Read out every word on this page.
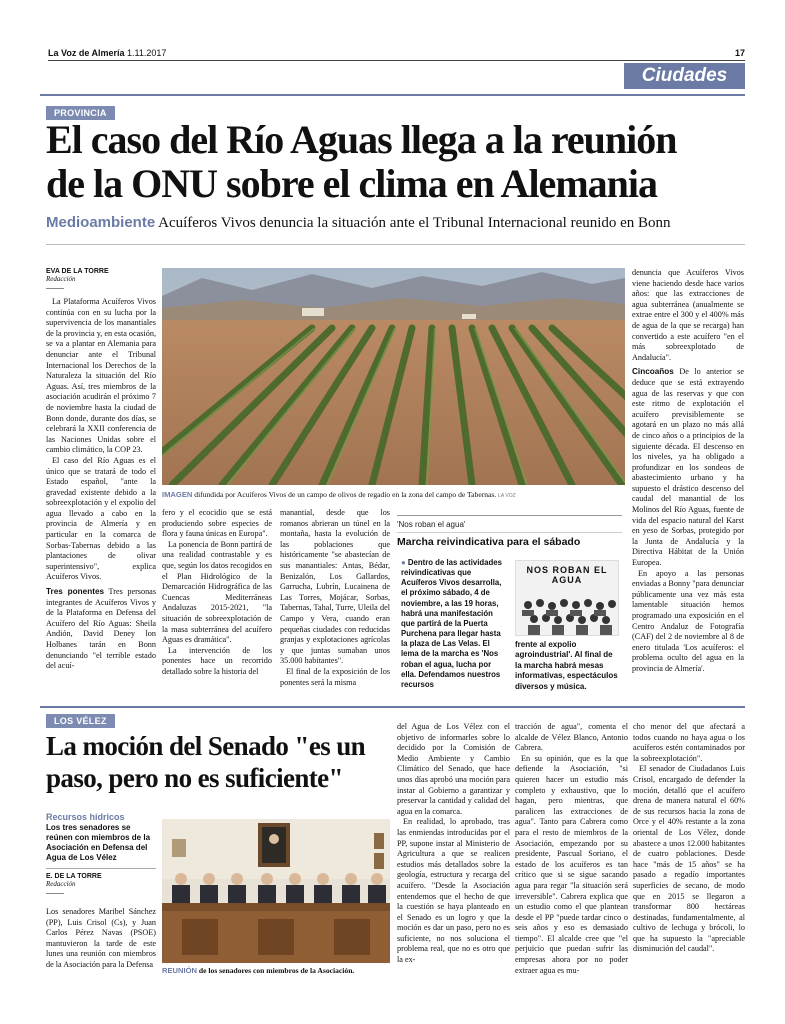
La Voz de Almería 1.11.2017	17
Ciudades
PROVINCIA
El caso del Río Aguas llega a la reunión
de la ONU sobre el clima en Alemania
Medioambiente Acuíferos Vivos denuncia la situación ante el Tribunal Internacional reunido en Bonn
EVA DE LA TORRE
Redacción

La Plataforma Acuíferos Vivos continúa con en su lucha por la supervivencia de los manantiales de la provincia y, en esta ocasión, se va a plantar en Alemania para denunciar ante el Tribunal Internacional los Derechos de la Naturaleza la situación del Río Aguas. Así, tres miembros de la asociación acudirán el próximo 7 de noviembre hasta la ciudad de Bonn donde, durante dos días, se celebrará la XXII conferencia de las Naciones Unidas sobre el cambio climático, la COP 23.

El caso del Río Aguas es el único que se tratará de todo el Estado español, "ante la gravedad existente debido a la sobreexplotación y el expolio del agua llevado a cabo en la provincia de Almería y en particular en la comarca de Sorbas-Tabernas debido a las plantaciones de olivar superintensivo", explica Acuíferos Vivos.

Tres ponentes Tres personas integrantes de Acuíferos Vivos y de la Plataforma en Defensa del Acuífero del Río Aguas: Sheila Andión, David Deney lon Holbanes tarán en Bonn denunciando "el terrible estado del acuí-

IMAGEN difundida por Acuíferos Vivos de un campo de olivos de regadío en la zona del campo de Tabernas. LA VOZ

fero y el ecocidio que se está produciendo sobre especies de flora y fauna únicas en Europa".

La ponencia de Bonn partirá de una realidad contrastable y es que, según los datos recogidos en el Plan Hidrológico de la Demarcación Hidrográfica de las Cuencas Mediterráneas Andaluzas 2015-2021, "la situación de sobreexplotación de la masa subterránea del acuífero Aguas es dramática".

La intervención de los ponentes hace un recorrido detallado sobre la historia del

manantial, desde que los romanos abrieran un túnel en la montaña, hasta la evolución de las poblaciones que históricamente "se abastecían de sus manantiales: Antas, Bédar, Benizalón, Los Gallardos, Garrucha, Lubrín, Lucainena de Las Torres, Mojácar, Sorbas, Tabernas, Tahal, Turre, Uleila del Campo y Vera, cuando eran pequeñas ciudades con reducidas granjas y explotaciones agrícolas y que juntas sumaban unos 35.000 habitantes".

El final de la exposición de los ponentes será la misma

'Nos roban el agua'
Marcha reivindicativa para el sábado
● Dentro de las actividades reivindicativas que Acuíferos Vivos desarrolla, el próximo sábado, 4 de noviembre, a las 19 horas, habrá una manifestación que partirá de la Puerta Purchena para llegar hasta la plaza de Las Velas. El lema de la marcha es 'Nos roban el agua, lucha por ella. Defendamos nuestros recursos
NOS ROBAN EL AGUA
frente al expolio agroindustrial'. Al final de la marcha habrá mesas informativas, espectáculos diversos y música.

denuncia que Acuíferos Vivos viene haciendo desde hace varios años: que las extracciones de agua subterránea (anualmente se extrae entre el 300 y el 400% más de agua de la que se recarga) han convertido a este acuífero "en el más sobreexplotado de Andalucía".

Cincoaños De lo anterior se deduce que se está extrayendo agua de las reservas y que con este ritmo de explotación el acuífero previsiblemente se agotará en un plazo no más allá de cinco años o a principios de la siguiente década. El descenso en los niveles, ya ha obligado a profundizar en los sondeos de abastecimiento urbano y ha supuesto el drástico descenso del caudal del manantial de los Molinos del Río Aguas, fuente de vida del espacio natural del Karst en yeso de Sorbas, protegido por la Junta de Andalucía y la Directiva Hábitat de la Unión Europea.

En apoyo a las personas enviadas a Bonny "para denunciar públicamente una vez más esta lamentable situación hemos programado una exposición en el Centro Andaluz de Fotografía (CAF) del 2 de noviembre al 8 de enero titulada 'Los acuíferos: el problema oculto del agua en la provincia de Almería'.

LOS VÉLEZ
La moción del Senado "es un
paso, pero no es suficiente"
Recursos hídricos
Los tres senadores se reúnen con miembros de la Asociación en Defensa del Agua de Los Vélez
E. DE LA TORRE
Redacción

Los senadores Maribel Sánchez (PP), Luis Crisol (Cs), y Juan Carlos Pérez Navas (PSOE) mantuvieron la tarde de este lunes una reunión con miembros de la Asociación para la Defensa

REUNIÓN de los senadores con miembros de la Asociación.

del Agua de Los Vélez con el objetivo de informarles sobre lo decidido por la Comisión de Medio Ambiente y Cambio Climático del Senado, que hace unos días aprobó una moción para instar al Gobierno a garantizar y preservar la cantidad y calidad del agua en la comarca.

En realidad, lo aprobado, tras las enmiendas introducidas por el PP, supone instar al Ministerio de Agricultura a que se realicen estudios más detallados sobre la geología, estructura y recarga del acuífero. "Desde la Asociación entendemos que el hecho de que la cuestión se haya planteado en el Senado es un logro y que la moción es dar un paso, pero no es suficiente, no nos soluciona el problema real, que no es otro que la ex-

tracción de agua", comenta el alcalde de Vélez Blanco, Antonio Cabrera.

En su opinión, que es la que defiende la Asociación, "si quieren hacer un estudio más completo y exhaustivo, que lo hagan, pero mientras, que paralicen las extracciones de agua". Tanto para Cabrera como para el resto de miembros de la Asociación, empezando por su presidente, Pascual Soriano, el estado de los acuíferos es tan crítico que si se sigue sacando agua para regar "la situación será irreversible". Cabrera explica que un estudio como el que plantean desde el PP "puede tardar cinco o seis años y eso es demasiado tiempo". El alcalde cree que "el perjuicio que puedan sufrir las empresas ahora por no poder extraer agua es mu-

cho menor del que afectará a todos cuando no haya agua o los acuíferos estén contaminados por la sobreexplotación".

El senador de Ciudadanos Luis Crisol, encargado de defender la moción, detalló que el acuífero drena de manera natural el 60% de sus recursos hacia la zona de Orce y el 40% restante a la zona oriental de Los Vélez, donde abastece a unos 12.000 habitantes de cuatro poblaciones. Desde hace "más de 15 años" se ha pasado a regadío importantes superficies de secano, de modo que en 2015 se llegaron a transformar 800 hectáreas destinadas, fundamentalmente, al cultivo de lechuga y brócoli, lo que ha supuesto la "apreciable disminución del caudal".
